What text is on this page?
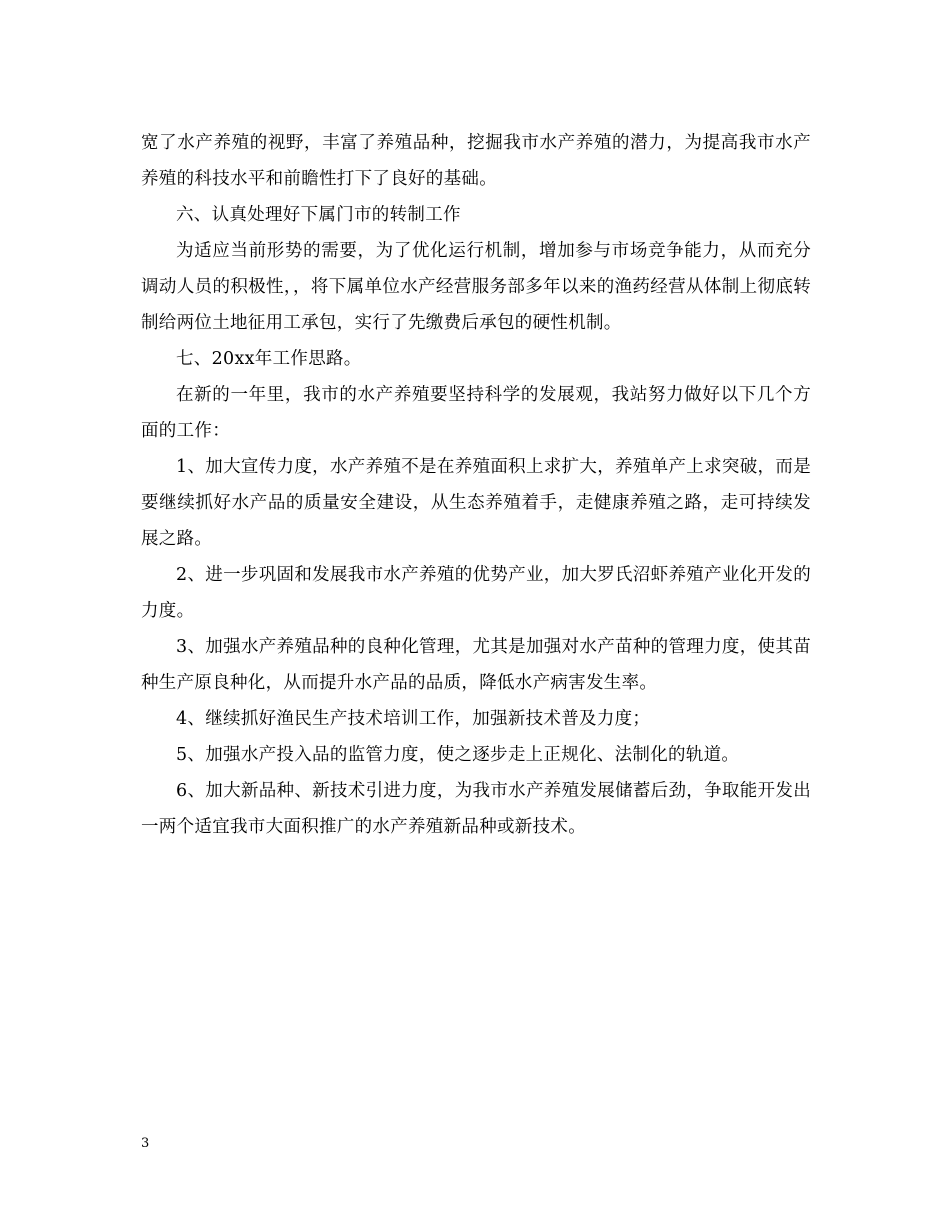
宽了水产养殖的视野，丰富了养殖品种，挖掘我市水产养殖的潜力，为提高我市水产养殖的科技水平和前瞻性打下了良好的基础。

六、认真处理好下属门市的转制工作

为适应当前形势的需要，为了优化运行机制，增加参与市场竞争能力，从而充分调动人员的积极性，，将下属单位水产经营服务部多年以来的渔药经营从体制上彻底转制给两位土地征用工承包，实行了先缴费后承包的硬性机制。

七、20xx年工作思路。

在新的一年里，我市的水产养殖要坚持科学的发展观，我站努力做好以下几个方面的工作：

1、加大宣传力度，水产养殖不是在养殖面积上求扩大，养殖单产上求突破，而是要继续抓好水产品的质量安全建设，从生态养殖着手，走健康养殖之路，走可持续发展之路。

2、进一步巩固和发展我市水产养殖的优势产业，加大罗氏沼虾养殖产业化开发的力度。

3、加强水产养殖品种的良种化管理，尤其是加强对水产苗种的管理力度，使其苗种生产原良种化，从而提升水产品的品质，降低水产病害发生率。

4、继续抓好渔民生产技术培训工作，加强新技术普及力度；

5、加强水产投入品的监管力度，使之逐步走上正规化、法制化的轨道。

6、加大新品种、新技术引进力度，为我市水产养殖发展储蓄后劲，争取能开发出一两个适宜我市大面积推广的水产养殖新品种或新技术。

3
